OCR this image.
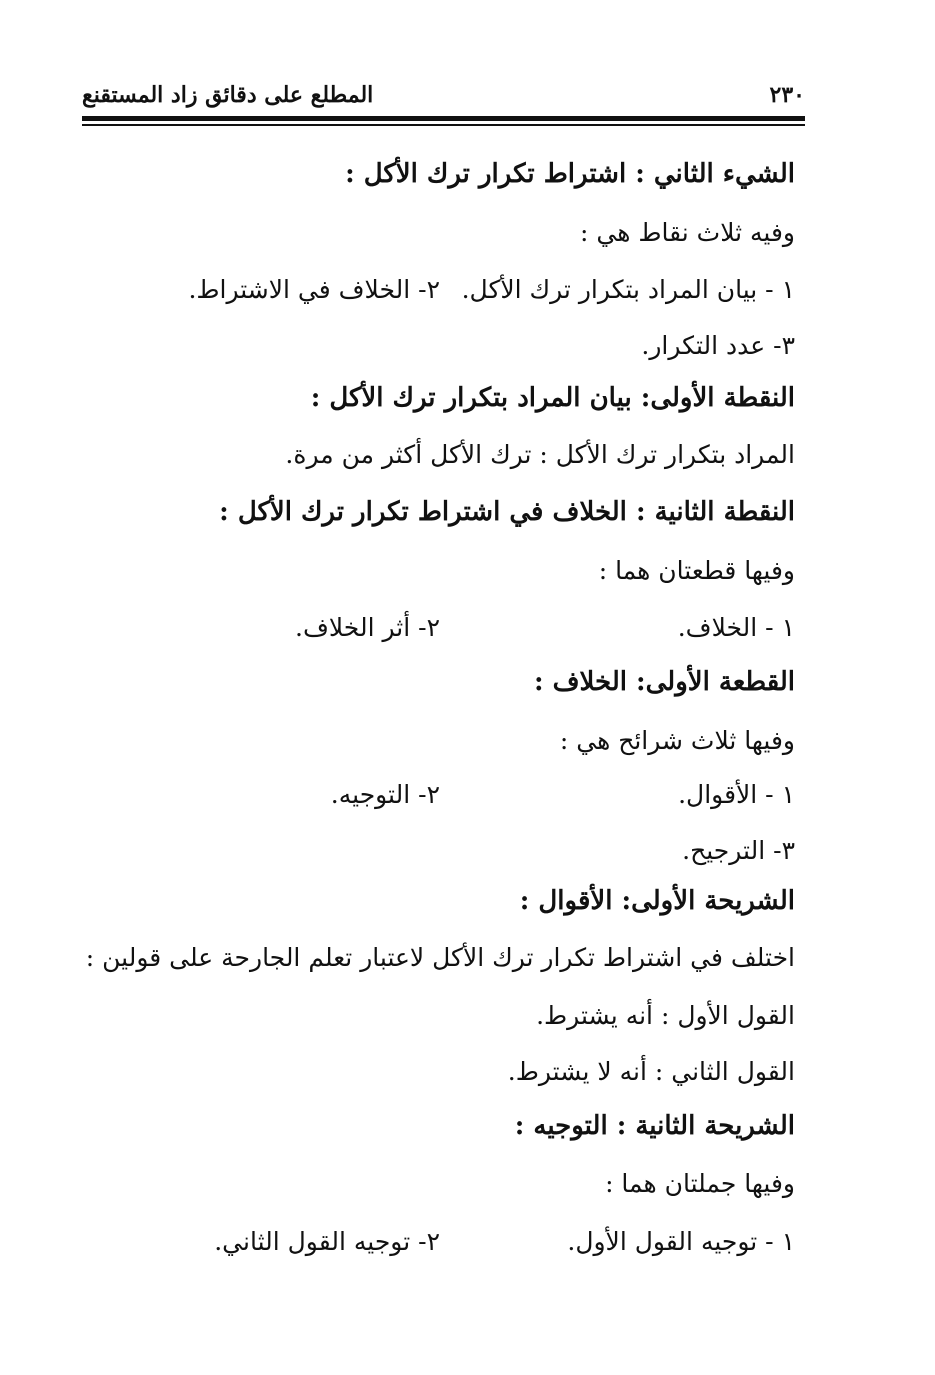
٢٣٠
المطلع على دقائق زاد المستقنع
الشيء الثاني : اشتراط تكرار ترك الأكل :
وفيه ثلاث نقاط هي :
١ - بيان المراد بتكرار ترك الأكل.
٢- الخلاف في الاشتراط.
٣- عدد التكرار.
النقطة الأولى: بيان المراد بتكرار ترك الأكل :
المراد بتكرار ترك الأكل : ترك الأكل أكثر من مرة.
النقطة الثانية : الخلاف في اشتراط تكرار ترك الأكل :
وفيها قطعتان هما :
١ - الخلاف.
٢- أثر الخلاف.
القطعة الأولى: الخلاف :
وفيها ثلاث شرائح هي :
١ - الأقوال.
٢- التوجيه.
٣- الترجيح.
الشريحة الأولى: الأقوال :
اختلف في اشتراط تكرار ترك الأكل لاعتبار تعلم الجارحة على قولين :
القول الأول : أنه يشترط.
القول الثاني : أنه لا يشترط.
الشريحة الثانية : التوجيه :
وفيها جملتان هما :
١ - توجيه القول الأول.
٢- توجيه القول الثاني.
